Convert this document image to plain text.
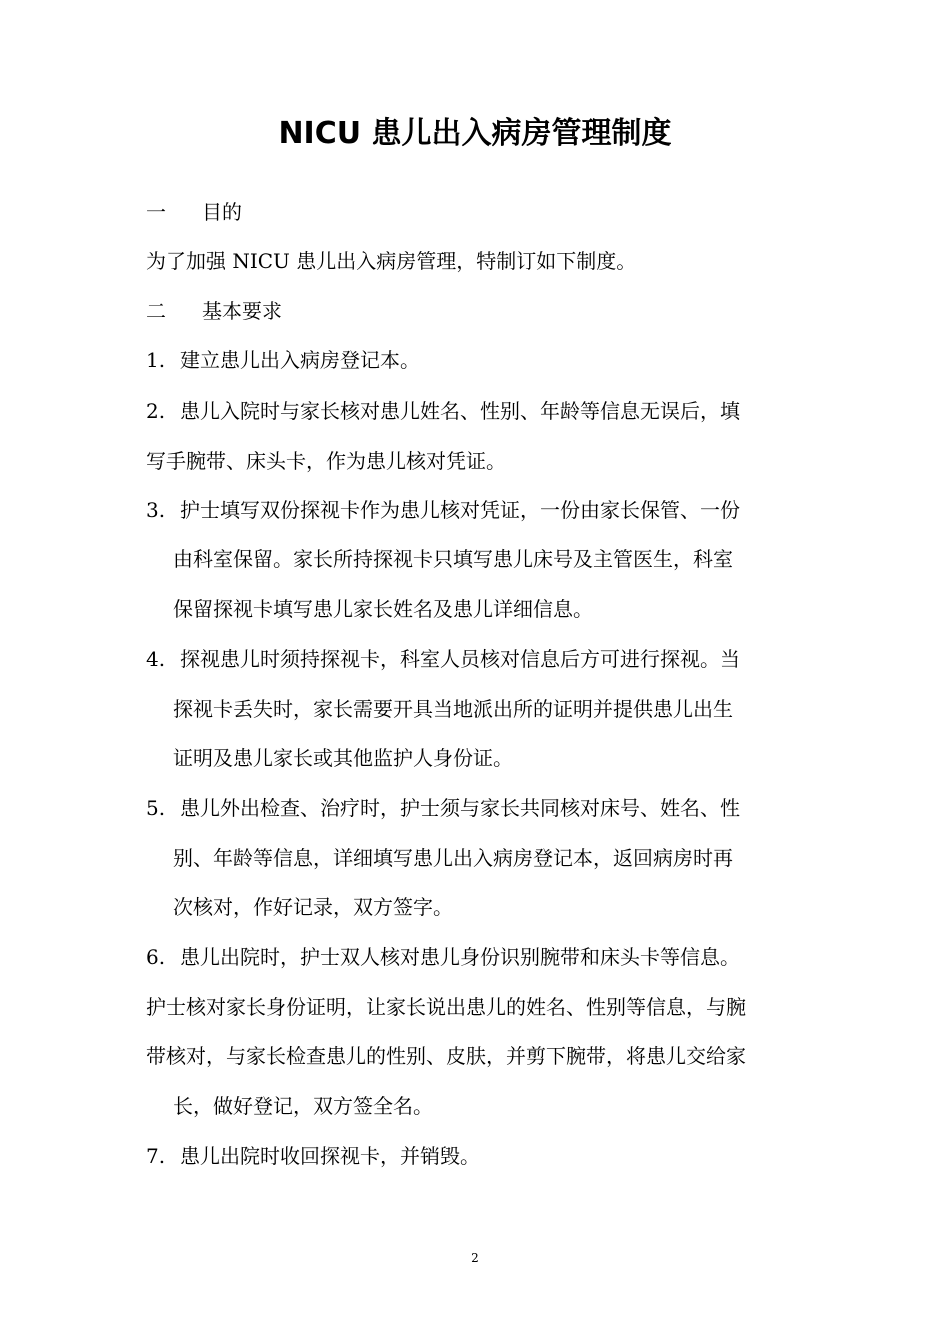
NICU 患儿出入病房管理制度
一 目的
为了加强 NICU 患儿出入病房管理，特制订如下制度。
二 基本要求
1. 建立患儿出入病房登记本。
2. 患儿入院时与家长核对患儿姓名、性别、年龄等信息无误后，填
写手腕带、床头卡，作为患儿核对凭证。
3. 护士填写双份探视卡作为患儿核对凭证，一份由家长保管、一份
由科室保留。家长所持探视卡只填写患儿床号及主管医生，科室
保留探视卡填写患儿家长姓名及患儿详细信息。
4. 探视患儿时须持探视卡，科室人员核对信息后方可进行探视。当
探视卡丢失时，家长需要开具当地派出所的证明并提供患儿出生
证明及患儿家长或其他监护人身份证。
5. 患儿外出检查、治疗时，护士须与家长共同核对床号、姓名、性
别、年龄等信息，详细填写患儿出入病房登记本，返回病房时再
次核对，作好记录，双方签字。
6. 患儿出院时，护士双人核对患儿身份识别腕带和床头卡等信息。
护士核对家长身份证明，让家长说出患儿的姓名、性别等信息，与腕
带核对，与家长检查患儿的性别、皮肤，并剪下腕带，将患儿交给家
长，做好登记，双方签全名。
7. 患儿出院时收回探视卡，并销毁。
2
